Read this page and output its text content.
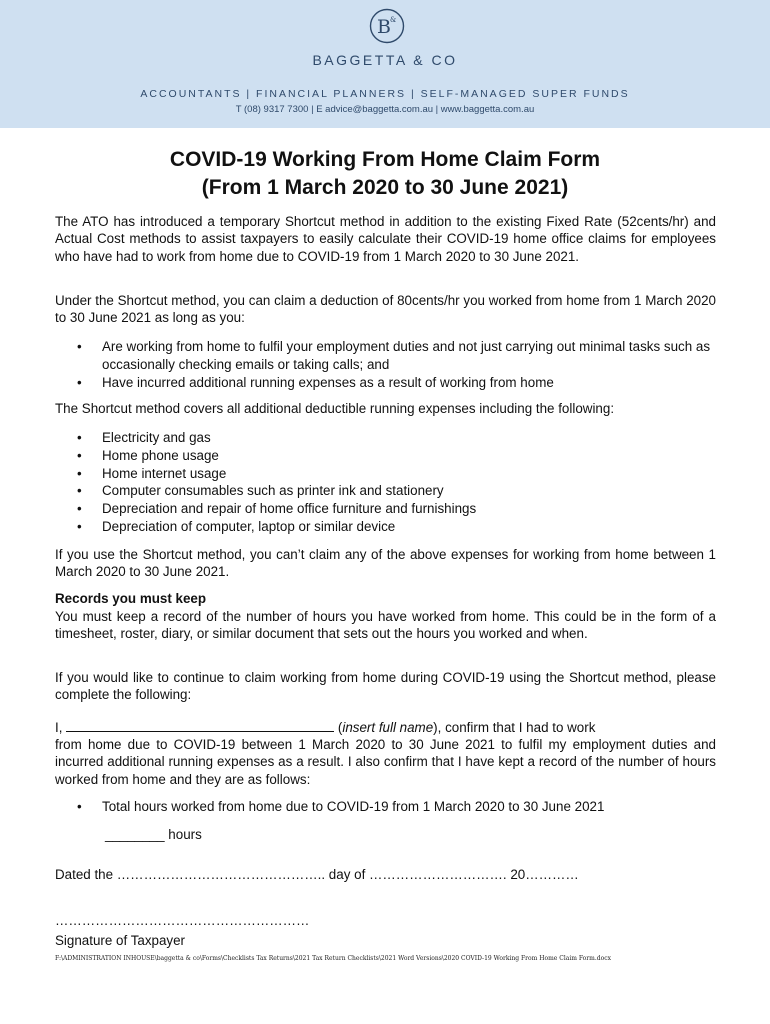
B &
BAGGETTA & CO
ACCOUNTANTS | FINANCIAL PLANNERS | SELF-MANAGED SUPER FUNDS
T (08) 9317 7300 | E advice@baggetta.com.au | www.baggetta.com.au
COVID-19 Working From Home Claim Form
(From 1 March 2020 to 30 June 2021)

The ATO has introduced a temporary Shortcut method in addition to the existing Fixed Rate (52cents/hr) and Actual Cost methods to assist taxpayers to easily calculate their COVID-19 home office claims for employees who have had to work from home due to COVID-19 from 1 March 2020 to 30 June 2021.

Under the Shortcut method, you can claim a deduction of 80cents/hr you worked from home from 1 March 2020 to 30 June 2021 as long as you:

• Are working from home to fulfil your employment duties and not just carrying out minimal tasks such as occasionally checking emails or taking calls; and
• Have incurred additional running expenses as a result of working from home

The Shortcut method covers all additional deductible running expenses including the following:

• Electricity and gas
• Home phone usage
• Home internet usage
• Computer consumables such as printer ink and stationery
• Depreciation and repair of home office furniture and furnishings
• Depreciation of computer, laptop or similar device

If you use the Shortcut method, you can’t claim any of the above expenses for working from home between 1 March 2020 to 30 June 2021.

Records you must keep

You must keep a record of the number of hours you have worked from home. This could be in the form of a timesheet, roster, diary, or similar document that sets out the hours you worked and when.

If you would like to continue to claim working from home during COVID-19 using the Shortcut method, please complete the following:

I,	(insert full name), confirm that I had to work

from home due to COVID-19 between 1 March 2020 to 30 June 2021 to fulfil my employment duties and incurred additional running expenses as a result. I also confirm that I have kept a record of the number of hours worked from home and they are as follows:

• Total hours worked from home due to COVID-19 from 1 March 2020 to 30 June 2021
________ hours
Dated the ……………………………………….. day of …………………………. 20…………
…………………………………………………
Signature of Taxpayer
F:\ADMINISTRATION INHOUSE\baggetta & co\Forms\Checklists Tax Returns\2021 Tax Return Checklists\2021 Word Versions\2020 COVID-19 Working From Home Claim Form.docx
